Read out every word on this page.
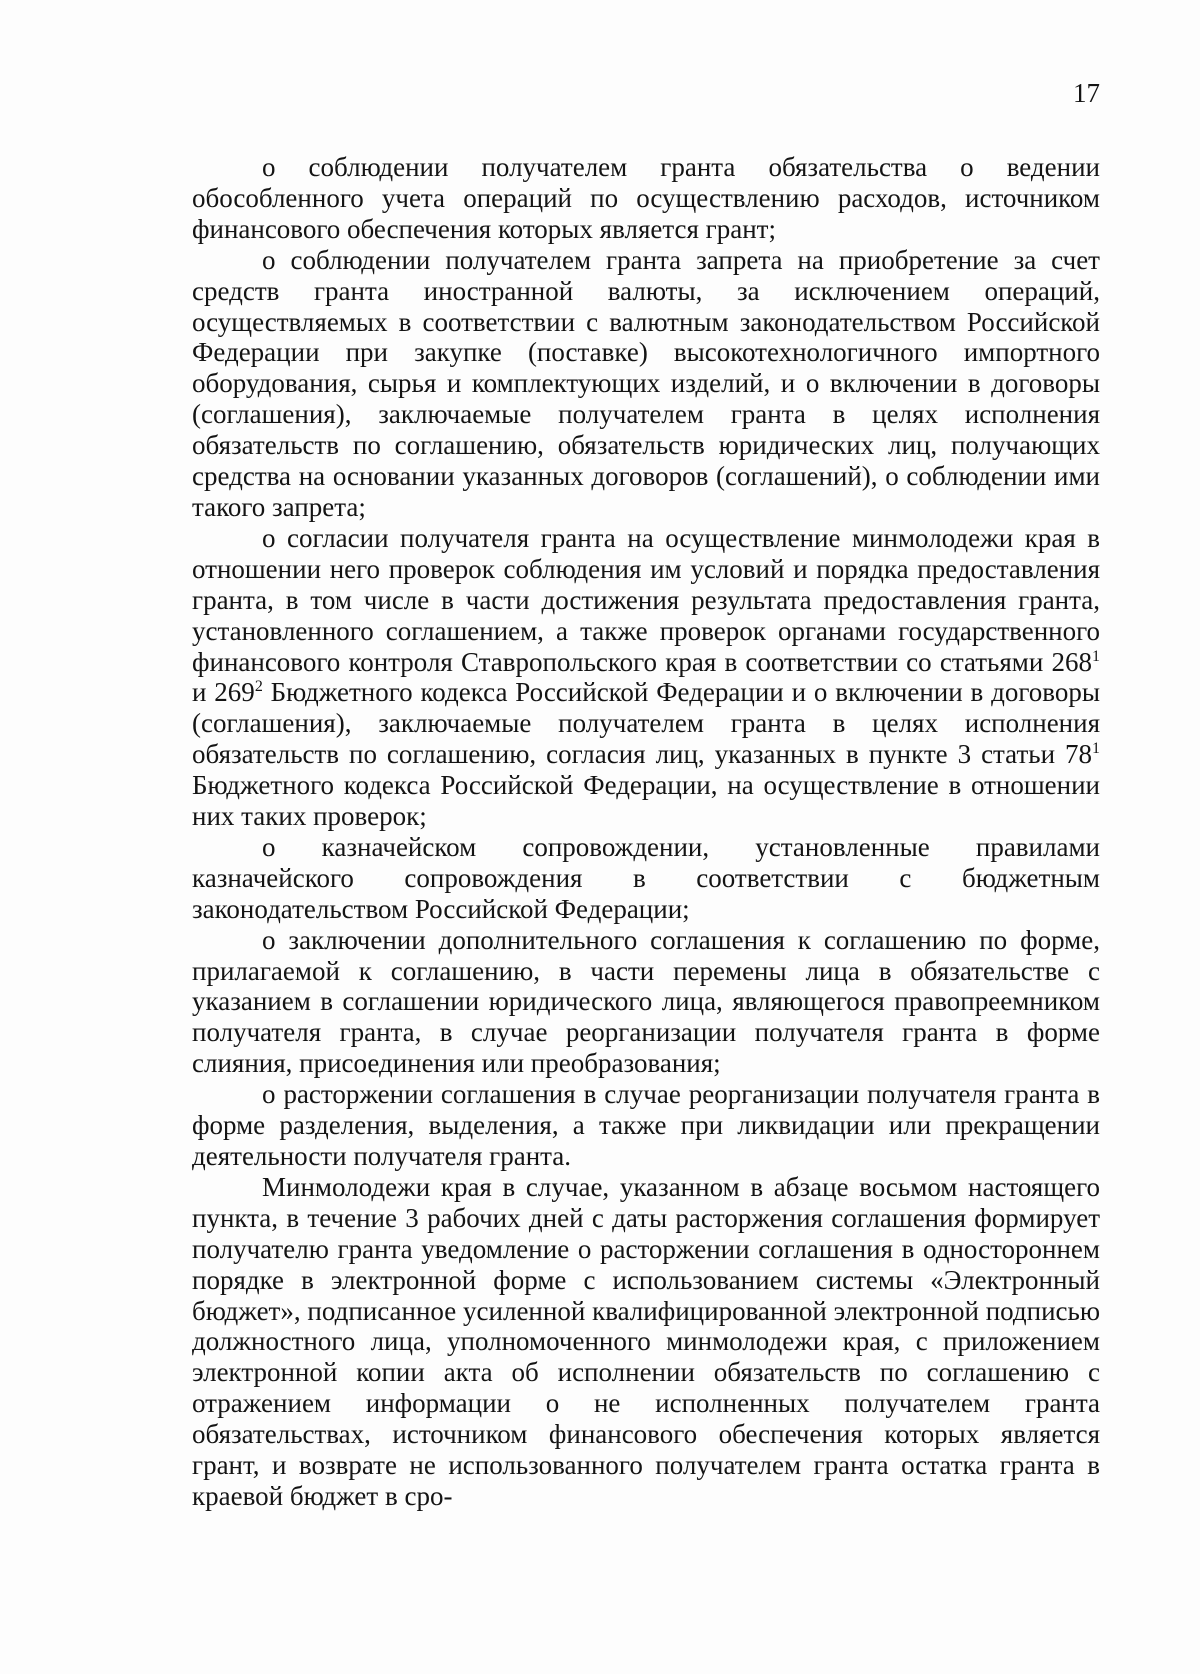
17

о соблюдении получателем гранта обязательства о ведении обособленного учета операций по осуществлению расходов, источником финансового обеспечения которых является грант;

о соблюдении получателем гранта запрета на приобретение за счет средств гранта иностранной валюты, за исключением операций, осуществляемых в соответствии с валютным законодательством Российской Федерации при закупке (поставке) высокотехнологичного импортного оборудования, сырья и комплектующих изделий, и о включении в договоры (соглашения), заключаемые получателем гранта в целях исполнения обязательств по соглашению, обязательств юридических лиц, получающих средства на основании указанных договоров (соглашений), о соблюдении ими такого запрета;

о согласии получателя гранта на осуществление минмолодежи края в отношении него проверок соблюдения им условий и порядка предоставления гранта, в том числе в части достижения результата предоставления гранта, установленного соглашением, а также проверок органами государственного финансового контроля Ставропольского края в соответствии со статьями $268^1$ и $269^2$ Бюджетного кодекса Российской Федерации и о включении в договоры (соглашения), заключаемые получателем гранта в целях исполнения обязательств по соглашению, согласия лиц, указанных в пункте 3 статьи $78^1$ Бюджетного кодекса Российской Федерации, на осуществление в отношении них таких проверок;

о казначейском сопровождении, установленные правилами казначейского сопровождения в соответствии с бюджетным законодательством Российской Федерации;

о заключении дополнительного соглашения к соглашению по форме, прилагаемой к соглашению, в части перемены лица в обязательстве с указанием в соглашении юридического лица, являющегося правопреемником получателя гранта, в случае реорганизации получателя гранта в форме слияния, присоединения или преобразования;

о расторжении соглашения в случае реорганизации получателя гранта в форме разделения, выделения, а также при ликвидации или прекращении деятельности получателя гранта.

Минмолодежи края в случае, указанном в абзаце восьмом настоящего пункта, в течение 3 рабочих дней с даты расторжения соглашения формирует получателю гранта уведомление о расторжении соглашения в одностороннем порядке в электронной форме с использованием системы «Электронный бюджет», подписанное усиленной квалифицированной электронной подписью должностного лица, уполномоченного минмолодежи края, с приложением электронной копии акта об исполнении обязательств по соглашению с отражением информации о не исполненных получателем гранта обязательствах, источником финансового обеспечения которых является грант, и возврате не использованного получателем гранта остатка гранта в краевой бюджет в сро-
